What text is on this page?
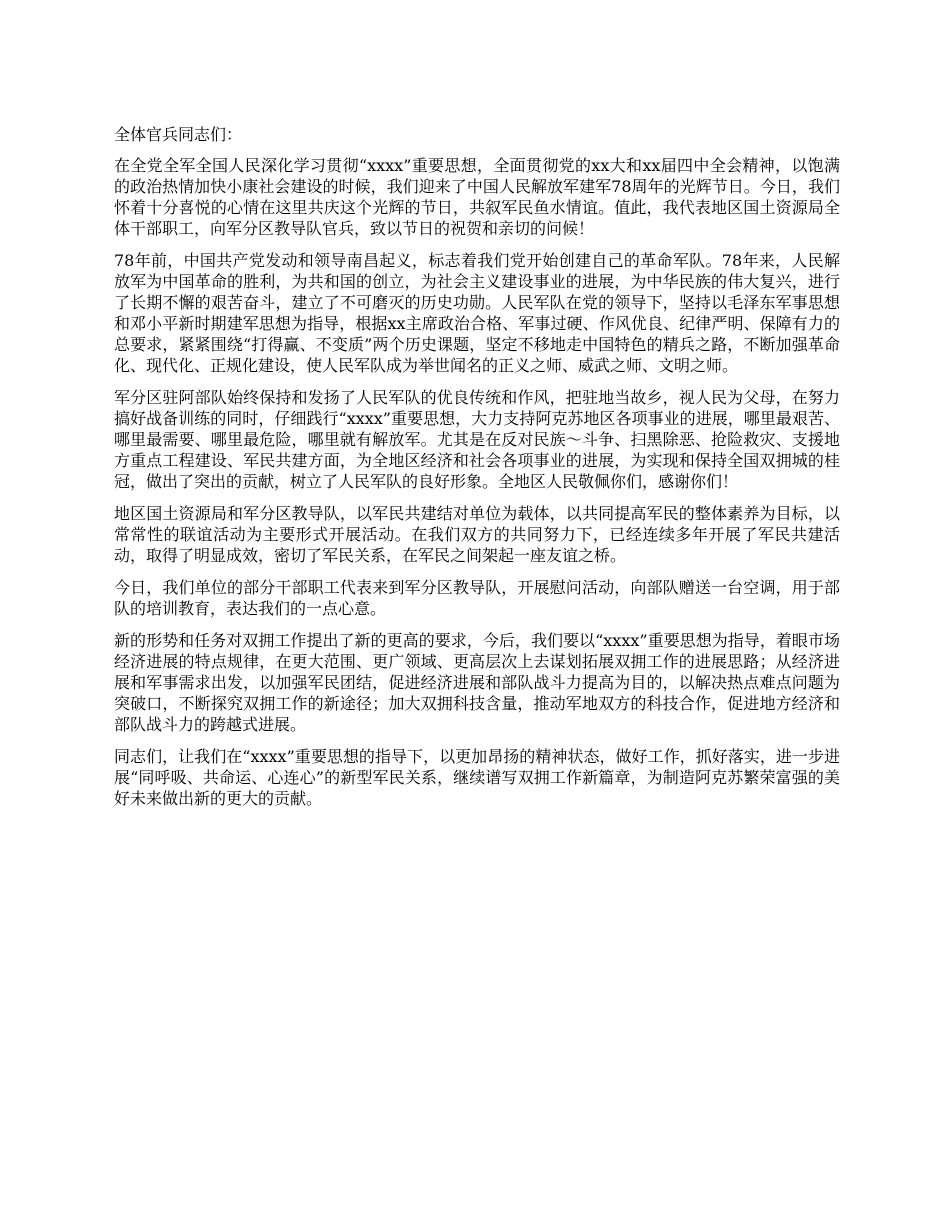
全体官兵同志们：

在全党全军全国人民深化学习贯彻“xxxx”重要思想，全面贯彻党的xx大和xx届四中全会精神，以饱满的政治热情加快小康社会建设的时候，我们迎来了中国人民解放军建军78周年的光辉节日。今日，我们怀着十分喜悦的心情在这里共庆这个光辉的节日，共叙军民鱼水情谊。值此，我代表地区国土资源局全体干部职工，向军分区教导队官兵，致以节日的祝贺和亲切的问候！

78年前，中国共产党发动和领导南昌起义，标志着我们党开始创建自己的革命军队。78年来，人民解放军为中国革命的胜利，为共和国的创立，为社会主义建设事业的进展，为中华民族的伟大复兴，进行了长期不懈的艰苦奋斗，建立了不可磨灭的历史功勋。人民军队在党的领导下，坚持以毛泽东军事思想和邓小平新时期建军思想为指导，根据xx主席政治合格、军事过硬、作风优良、纪律严明、保障有力的总要求，紧紧围绕“打得赢、不变质”两个历史课题，坚定不移地走中国特色的精兵之路，不断加强革命化、现代化、正规化建设，使人民军队成为举世闻名的正义之师、威武之师、文明之师。

军分区驻阿部队始终保持和发扬了人民军队的优良传统和作风，把驻地当故乡，视人民为父母，在努力搞好战备训练的同时，仔细践行“xxxx”重要思想，大力支持阿克苏地区各项事业的进展，哪里最艰苦、哪里最需要、哪里最危险，哪里就有解放军。尤其是在反对民族～斗争、扫黑除恶、抢险救灾、支援地方重点工程建设、军民共建方面，为全地区经济和社会各项事业的进展，为实现和保持全国双拥城的桂冠，做出了突出的贡献，树立了人民军队的良好形象。全地区人民敬佩你们，感谢你们！

地区国土资源局和军分区教导队，以军民共建结对单位为载体，以共同提高军民的整体素养为目标，以常常性的联谊活动为主要形式开展活动。在我们双方的共同努力下，已经连续多年开展了军民共建活动，取得了明显成效，密切了军民关系，在军民之间架起一座友谊之桥。

今日，我们单位的部分干部职工代表来到军分区教导队，开展慰问活动，向部队赠送一台空调，用于部队的培训教育，表达我们的一点心意。

新的形势和任务对双拥工作提出了新的更高的要求，今后，我们要以“xxxx”重要思想为指导，着眼市场经济进展的特点规律，在更大范围、更广领域、更高层次上去谋划拓展双拥工作的进展思路；从经济进展和军事需求出发，以加强军民团结，促进经济进展和部队战斗力提高为目的，以解决热点难点问题为突破口，不断探究双拥工作的新途径；加大双拥科技含量，推动军地双方的科技合作，促进地方经济和部队战斗力的跨越式进展。

同志们，让我们在“xxxx”重要思想的指导下，以更加昂扬的精神状态，做好工作，抓好落实，进一步进展“同呼吸、共命运、心连心”的新型军民关系，继续谱写双拥工作新篇章，为制造阿克苏繁荣富强的美好未来做出新的更大的贡献。
